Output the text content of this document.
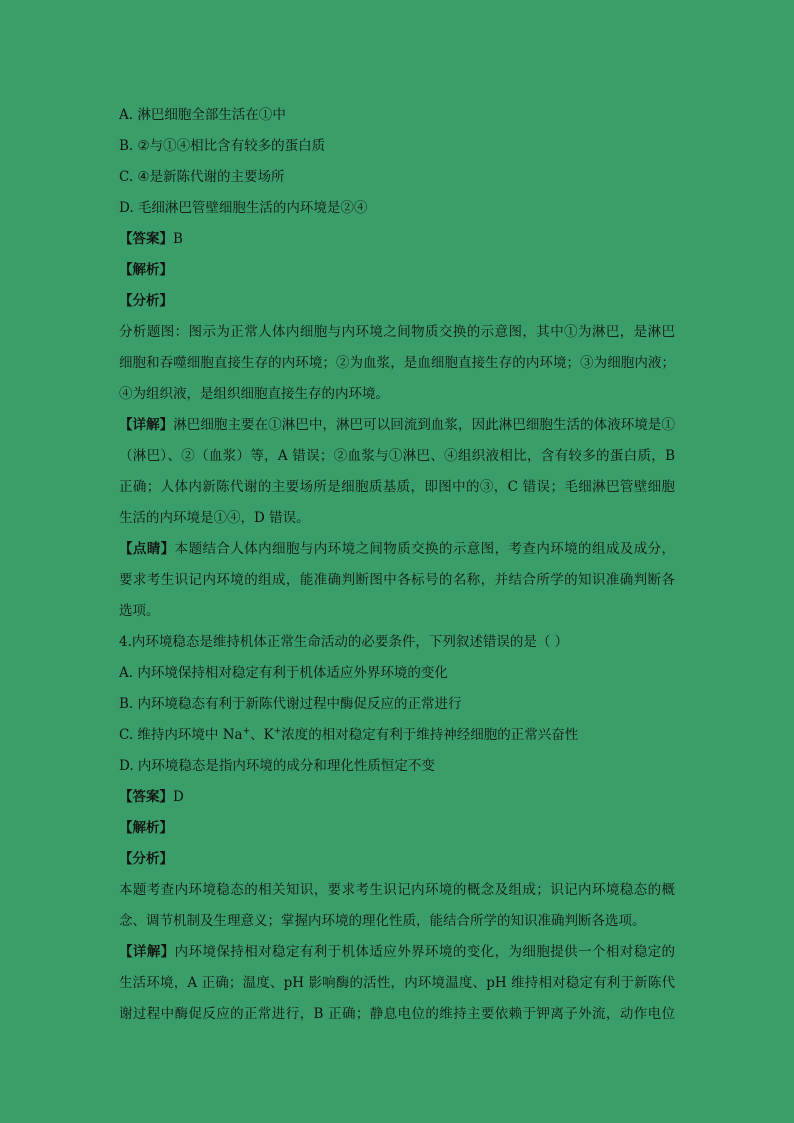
A. 淋巴细胞全部生活在①中
B. ②与①④相比含有较多的蛋白质
C. ④是新陈代谢的主要场所
D. 毛细淋巴管壁细胞生活的内环境是②④
【答案】B
【解析】
【分析】
分析题图：图示为正常人体内细胞与内环境之间物质交换的示意图，其中①为淋巴，是淋巴
细胞和吞噬细胞直接生存的内环境；②为血浆，是血细胞直接生存的内环境；③为细胞内液；
④为组织液，是组织细胞直接生存的内环境。
【详解】淋巴细胞主要在①淋巴中，淋巴可以回流到血浆，因此淋巴细胞生活的体液环境是①
（淋巴）、②（血浆）等，A 错误；②血浆与①淋巴、④组织液相比，含有较多的蛋白质，B
正确；人体内新陈代谢的主要场所是细胞质基质，即图中的③，C 错误；毛细淋巴管壁细胞
生活的内环境是①④，D 错误。
【点睛】本题结合人体内细胞与内环境之间物质交换的示意图，考查内环境的组成及成分，
要求考生识记内环境的组成，能准确判断图中各标号的名称，并结合所学的知识准确判断各
选项。
4.内环境稳态是维持机体正常生命活动的必要条件，下列叙述错误的是（ ）
A. 内环境保持相对稳定有利于机体适应外界环境的变化
B. 内环境稳态有利于新陈代谢过程中酶促反应的正常进行
C. 维持内环境中 Na+、K+浓度的相对稳定有利于维持神经细胞的正常兴奋性
D. 内环境稳态是指内环境的成分和理化性质恒定不变
【答案】D
【解析】
【分析】
本题考查内环境稳态的相关知识，要求考生识记内环境的概念及组成；识记内环境稳态的概
念、调节机制及生理意义；掌握内环境的理化性质，能结合所学的知识准确判断各选项。
【详解】内环境保持相对稳定有利于机体适应外界环境的变化，为细胞提供一个相对稳定的
生活环境，A 正确；温度、pH 影响酶的活性，内环境温度、pH 维持相对稳定有利于新陈代
谢过程中酶促反应的正常进行，B 正确；静息电位的维持主要依赖于钾离子外流，动作电位
